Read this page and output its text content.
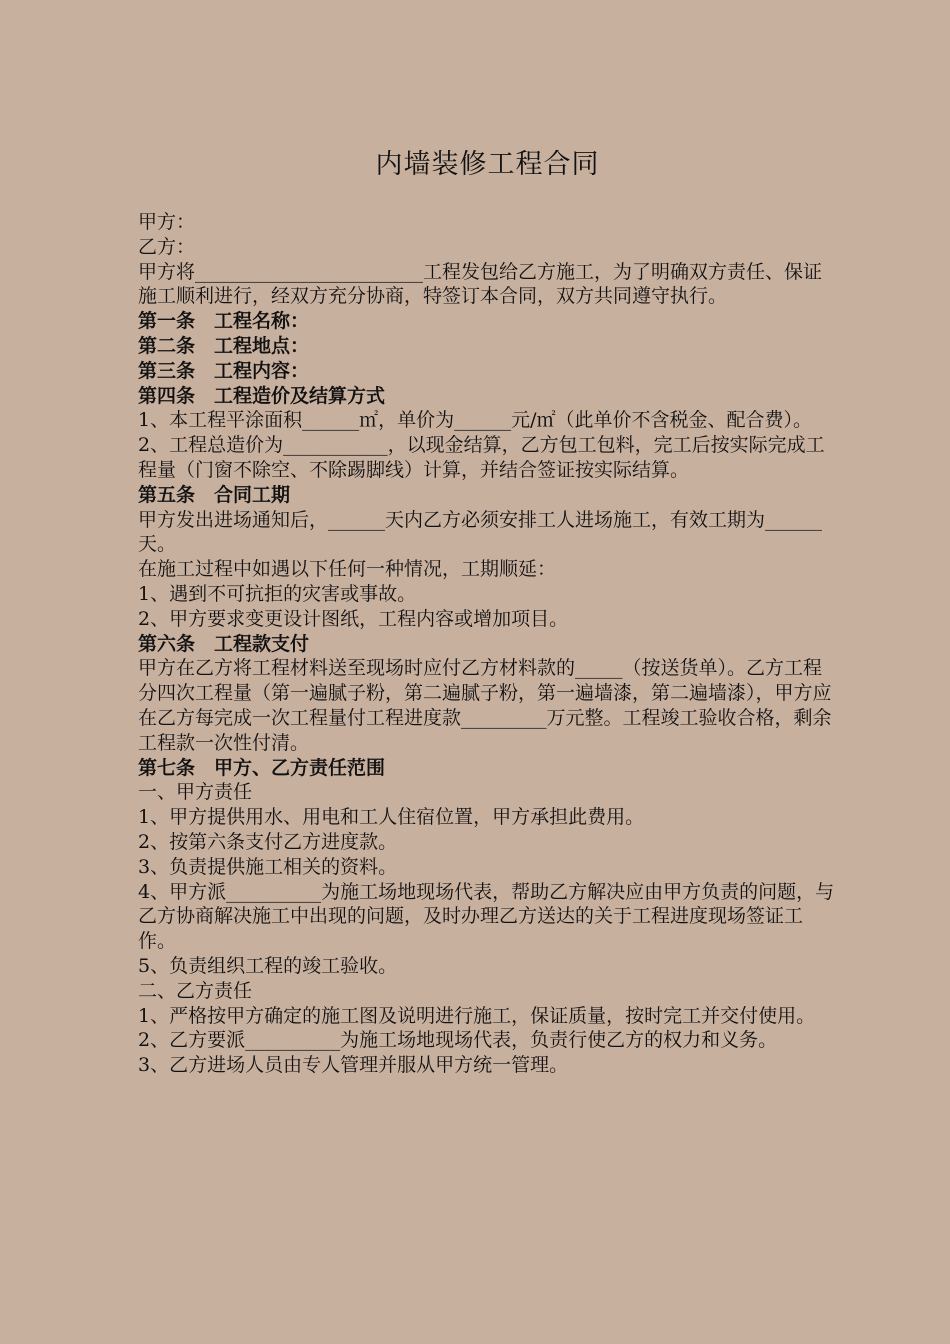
内墙装修工程合同

甲方：

乙方：

甲方将________________________工程发包给乙方施工，为了明确双方责任、保证施工顺利进行，经双方充分协商，特签订本合同，双方共同遵守执行。

第一条　工程名称：

第二条　工程地点：

第三条　工程内容：

第四条　工程造价及结算方式

1、本工程平涂面积______㎡，单价为______元/㎡（此单价不含税金、配合费）。

2、工程总造价为___________，以现金结算，乙方包工包料，完工后按实际完成工程量（门窗不除空、不除踢脚线）计算，并结合签证按实际结算。

第五条　合同工期

甲方发出进场通知后，______天内乙方必须安排工人进场施工，有效工期为______天。

在施工过程中如遇以下任何一种情况，工期顺延：

1、遇到不可抗拒的灾害或事故。

2、甲方要求变更设计图纸，工程内容或增加项目。

第六条　工程款支付

甲方在乙方将工程材料送至现场时应付乙方材料款的_____（按送货单）。乙方工程分四次工程量（第一遍腻子粉，第二遍腻子粉，第一遍墙漆，第二遍墙漆），甲方应在乙方每完成一次工程量付工程进度款_________万元整。工程竣工验收合格，剩余工程款一次性付清。

第七条　甲方、乙方责任范围

一、甲方责任

1、甲方提供用水、用电和工人住宿位置，甲方承担此费用。

2、按第六条支付乙方进度款。

3、负责提供施工相关的资料。

4、甲方派__________为施工场地现场代表，帮助乙方解决应由甲方负责的问题，与乙方协商解决施工中出现的问题，及时办理乙方送达的关于工程进度现场签证工作。

5、负责组织工程的竣工验收。

二、乙方责任

1、严格按甲方确定的施工图及说明进行施工，保证质量，按时完工并交付使用。

2、乙方要派__________为施工场地现场代表，负责行使乙方的权力和义务。

3、乙方进场人员由专人管理并服从甲方统一管理。
